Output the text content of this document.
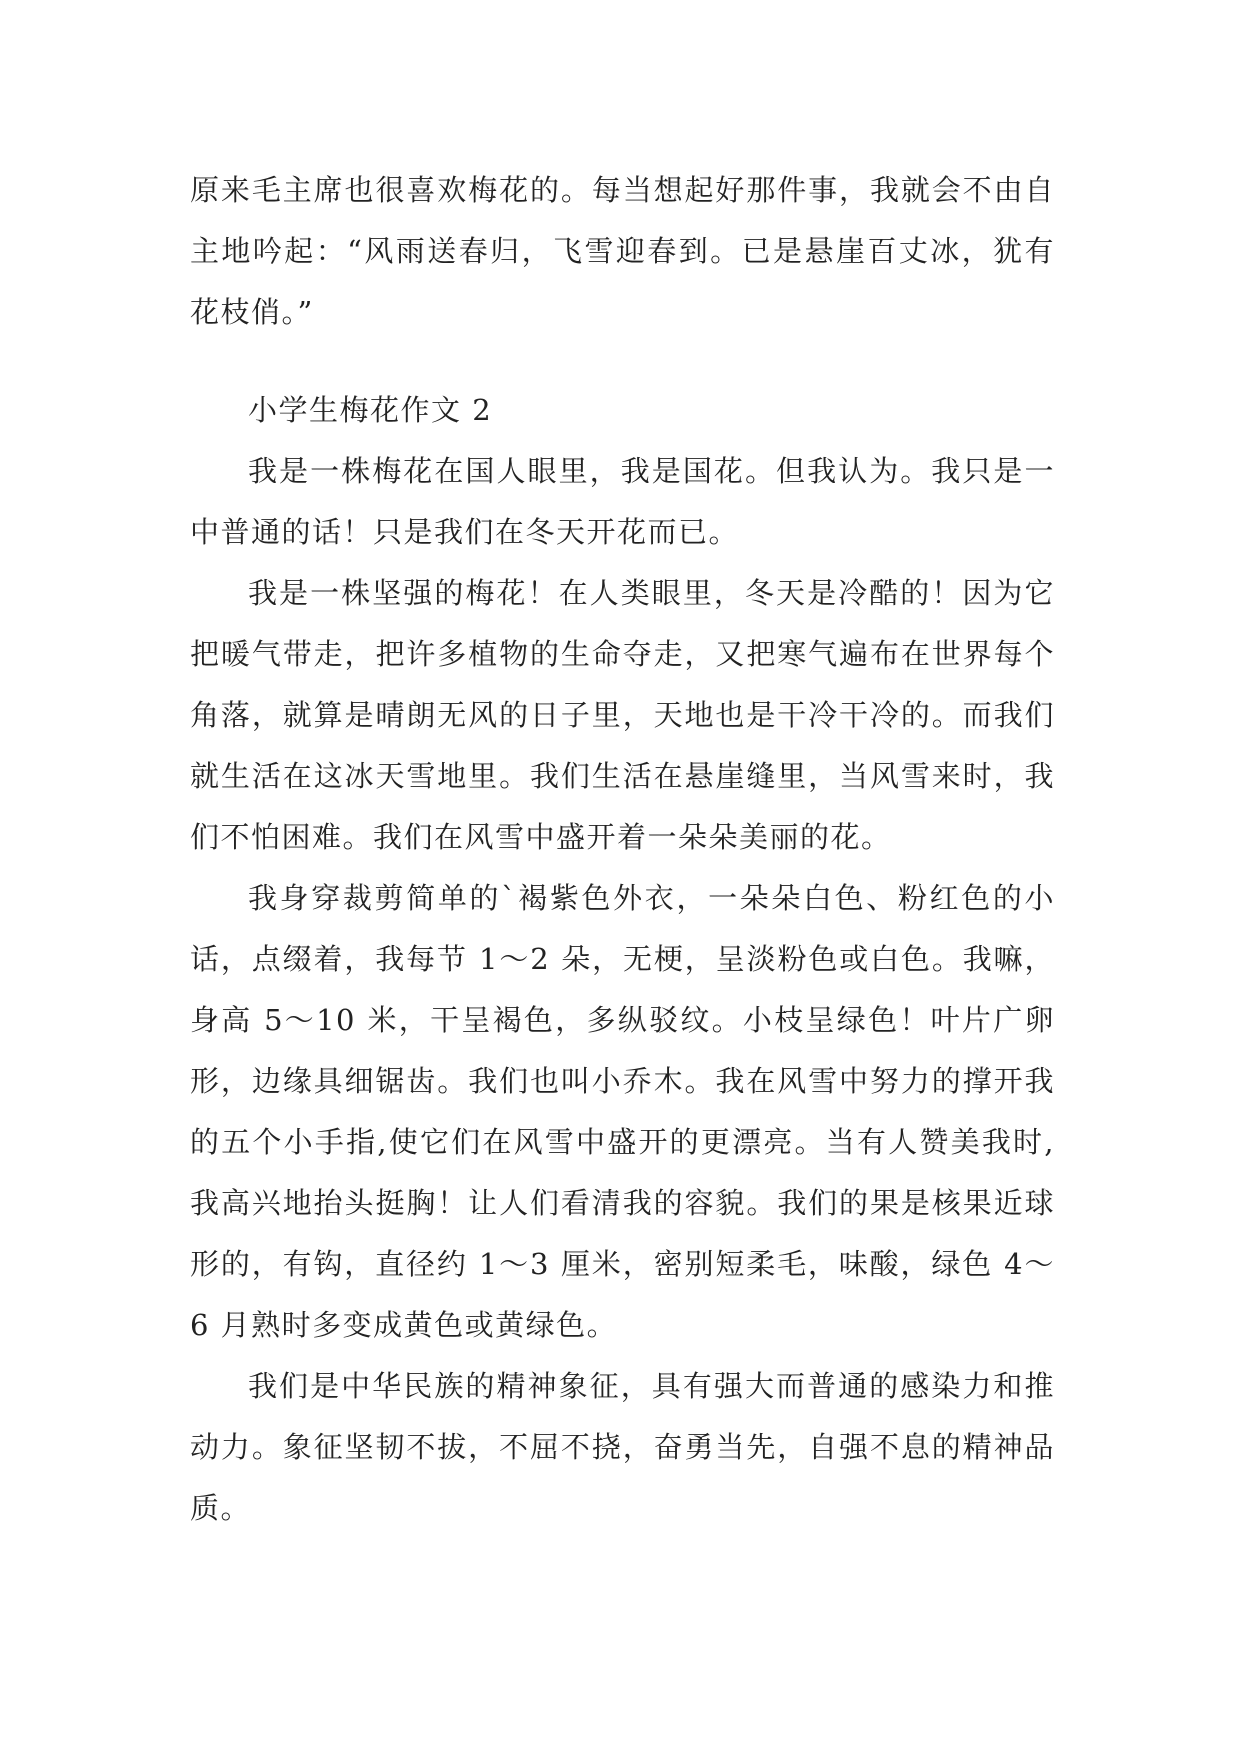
原来毛主席也很喜欢梅花的。每当想起好那件事，我就会不由自主地吟起：“风雨送春归，飞雪迎春到。已是悬崖百丈冰，犹有花枝俏。”

小学生梅花作文 2

我是一株梅花在国人眼里，我是国花。但我认为。我只是一中普通的话！只是我们在冬天开花而已。

我是一株坚强的梅花！在人类眼里，冬天是冷酷的！因为它把暖气带走，把许多植物的生命夺走，又把寒气遍布在世界每个角落，就算是晴朗无风的日子里，天地也是干冷干冷的。而我们就生活在这冰天雪地里。我们生活在悬崖缝里，当风雪来时，我们不怕困难。我们在风雪中盛开着一朵朵美丽的花。

我身穿裁剪简单的`褐紫色外衣，一朵朵白色、粉红色的小话，点缀着，我每节 1～2 朵，无梗，呈淡粉色或白色。我嘛，身高 5～10 米，干呈褐色，多纵驳纹。小枝呈绿色！叶片广卵形，边缘具细锯齿。我们也叫小乔木。我在风雪中努力的撑开我的五个小手指,使它们在风雪中盛开的更漂亮。当有人赞美我时,我高兴地抬头挺胸！让人们看清我的容貌。我们的果是核果近球形的，有钩，直径约 1～3 厘米，密别短柔毛，味酸，绿色 4～6 月熟时多变成黄色或黄绿色。

我们是中华民族的精神象征，具有强大而普通的感染力和推动力。象征坚韧不拔，不屈不挠，奋勇当先，自强不息的精神品质。
